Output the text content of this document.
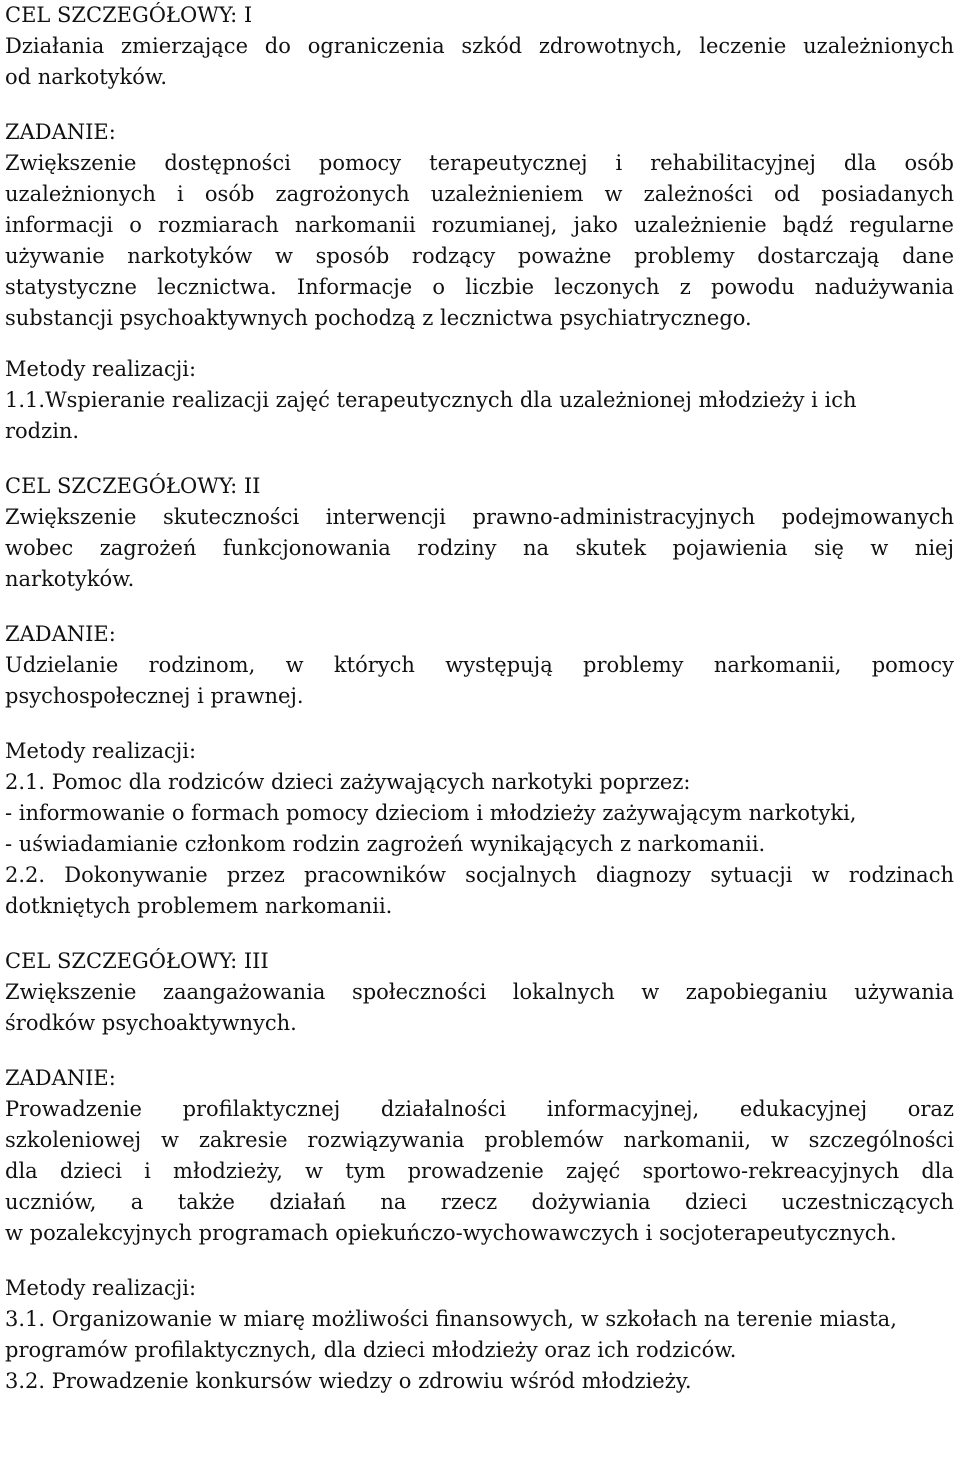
CEL SZCZEGÓŁOWY: I
Działania zmierzające do ograniczenia szkód zdrowotnych, leczenie uzależnionych
od narkotyków.
ZADANIE:
Zwiększenie dostępności pomocy terapeutycznej i rehabilitacyjnej dla osób
uzależnionych i osób zagrożonych uzależnieniem w zależności od posiadanych
informacji o rozmiarach narkomanii rozumianej, jako uzależnienie bądź regularne
używanie narkotyków w sposób rodzący poważne problemy dostarczają dane
statystyczne lecznictwa. Informacje o liczbie leczonych z powodu nadużywania
substancji psychoaktywnych pochodzą z lecznictwa psychiatrycznego.
Metody realizacji:
1.1.Wspieranie realizacji zajęć terapeutycznych dla uzależnionej młodzieży i ich
rodzin.
CEL SZCZEGÓŁOWY: II
Zwiększenie skuteczności interwencji prawno-administracyjnych podejmowanych
wobec zagrożeń funkcjonowania rodziny na skutek pojawienia się w niej
narkotyków.
ZADANIE:
Udzielanie rodzinom, w których występują problemy narkomanii, pomocy
psychospołecznej i prawnej.
Metody realizacji:
2.1. Pomoc dla rodziców dzieci zażywających narkotyki poprzez:
- informowanie o formach pomocy dzieciom i młodzieży zażywającym narkotyki,
- uświadamianie członkom rodzin zagrożeń wynikających z narkomanii.
2.2. Dokonywanie przez pracowników socjalnych diagnozy sytuacji w rodzinach
dotkniętych problemem narkomanii.
CEL SZCZEGÓŁOWY: III
Zwiększenie zaangażowania społeczności lokalnych w zapobieganiu używania
środków psychoaktywnych.
ZADANIE:
Prowadzenie profilaktycznej działalności informacyjnej, edukacyjnej oraz
szkoleniowej w zakresie rozwiązywania problemów narkomanii, w szczególności
dla dzieci i młodzieży, w tym prowadzenie zajęć sportowo-rekreacyjnych dla
uczniów, a także działań na rzecz dożywiania dzieci uczestniczących
w pozalekcyjnych programach opiekuńczo-wychowawczych i socjoterapeutycznych.
Metody realizacji:
3.1. Organizowanie w miarę możliwości finansowych, w szkołach na terenie miasta,
programów profilaktycznych, dla dzieci młodzieży oraz ich rodziców.
3.2. Prowadzenie konkursów wiedzy o zdrowiu wśród młodzieży.
